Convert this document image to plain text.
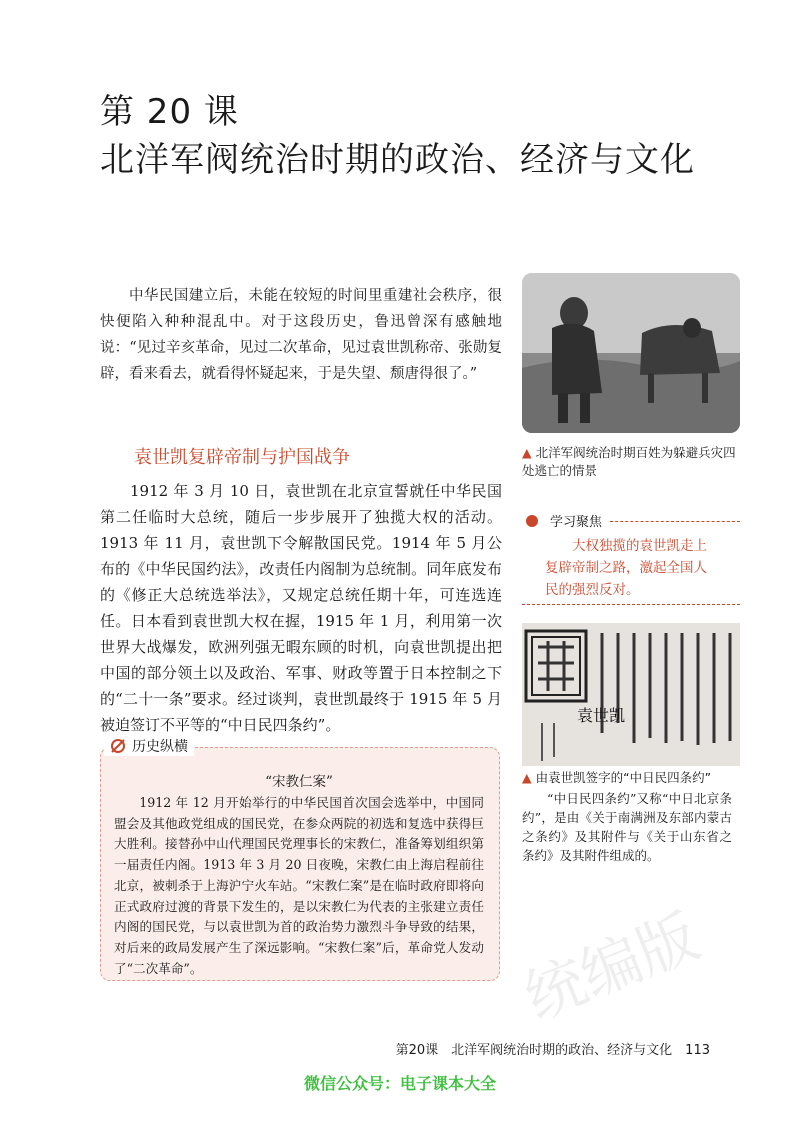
第 20 课
北洋军阀统治时期的政治、经济与文化
中华民国建立后，未能在较短的时间里重建社会秩序，很快便陷入种种混乱中。对于这段历史，鲁迅曾深有感触地说：“见过辛亥革命，见过二次革命，见过袁世凯称帝、张勋复辟，看来看去，就看得怀疑起来，于是失望、颓唐得很了。”
袁世凯复辟帝制与护国战争
1912 年 3 月 10 日，袁世凯在北京宣誓就任中华民国第二任临时大总统，随后一步步展开了独揽大权的活动。1913 年 11 月，袁世凯下令解散国民党。1914 年 5 月公布的《中华民国约法》，改责任内阁制为总统制。同年底发布的《修正大总统选举法》，又规定总统任期十年，可连选连任。日本看到袁世凯大权在握，1915 年 1 月，利用第一次世界大战爆发，欧洲列强无暇东顾的时机，向袁世凯提出把中国的部分领土以及政治、军事、财政等置于日本控制之下的“二十一条”要求。经过谈判，袁世凯最终于 1915 年 5 月被迫签订不平等的“中日民四条约”。
历史纵横
“宋教仁案”
1912 年 12 月开始举行的中华民国首次国会选举中，中国同盟会及其他政党组成的国民党，在参众两院的初选和复选中获得巨大胜利。接替孙中山代理国民党理事长的宋教仁，准备筹划组织第一届责任内阁。1913 年 3 月 20 日夜晚，宋教仁由上海启程前往北京，被刺杀于上海沪宁火车站。“宋教仁案”是在临时政府即将向正式政府过渡的背景下发生的，是以宋教仁为代表的主张建立责任内阁的国民党，与以袁世凯为首的政治势力激烈斗争导致的结果，对后来的政局发展产生了深远影响。“宋教仁案”后，革命党人发动了“二次革命”。
▲ 北洋军阀统治时期百姓为躲避兵灾四处逃亡的情景
学习聚焦
大权独揽的袁世凯走上复辟帝制之路，激起全国人民的强烈反对。
袁世凯
▲ 由袁世凯签字的“中日民四条约”
“中日民四条约”又称“中日北京条约”，是由《关于南满洲及东部内蒙古之条约》及其附件与《关于山东省之条约》及其附件组成的。
统编版
第20课　北洋军阀统治时期的政治、经济与文化　113
微信公众号：电子课本大全
